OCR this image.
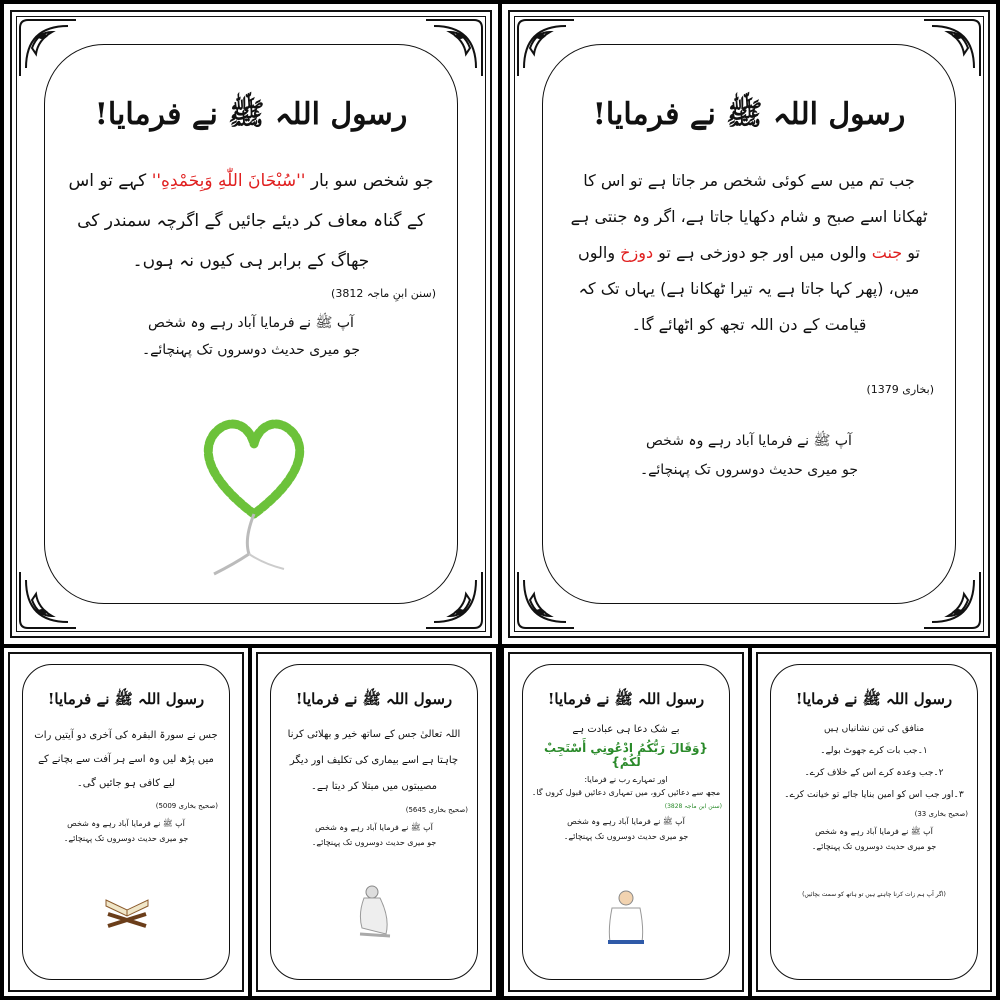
رسول اللہ ﷺ نے فرمایا!

جو شخص سو بار ''سُبْحَانَ اللّٰهِ وَبِحَمْدِهِ'' کہے تو اس کے گناہ معاف کر دیئے جائیں گے اگرچہ سمندر کی جھاگ کے برابر ہی کیوں نہ ہوں۔

(سنن ابنِ ماجہ 3812)

آپ ﷺ نے فرمایا آباد رہے وہ شخص

جو میری حدیث دوسروں تک پہنچائے۔

رسول اللہ ﷺ نے فرمایا!

جب تم میں سے کوئی شخص مر جاتا ہے تو اس کا ٹھکانا اسے صبح و شام دکھایا جاتا ہے، اگر وہ جنتی ہے تو جنت والوں میں اور جو دوزخی ہے تو دوزخ والوں میں، (پھر کہا جاتا ہے یہ تیرا ٹھکانا ہے) یہاں تک کہ قیامت کے دن اللہ تجھ کو اٹھائے گا۔

(بخاری 1379)

آپ ﷺ نے فرمایا آباد رہے وہ شخص

جو میری حدیث دوسروں تک پہنچائے۔

رسول اللہ ﷺ نے فرمایا!

جس نے سورۃ البقرہ کی آخری دو آیتیں رات میں پڑھ لیں وہ اسے ہر آفت سے بچانے کے لیے کافی ہو جائیں گی۔

(صحیح بخاری 5009)

آپ ﷺ نے فرمایا آباد رہے وہ شخص

جو میری حدیث دوسروں تک پہنچائے۔

رسول اللہ ﷺ نے فرمایا!

اللہ تعالیٰ جس کے ساتھ خیر و بھلائی کرنا چاہتا ہے اسے بیماری کی تکلیف اور دیگر مصیبتوں میں مبتلا کر دیتا ہے۔

(صحیح بخاری 5645)

آپ ﷺ نے فرمایا آباد رہے وہ شخص

جو میری حدیث دوسروں تک پہنچائے۔

رسول اللہ ﷺ نے فرمایا!

بے شک دعا ہی عبادت ہے

{وَقَالَ رَبُّكُمُ ادْعُونِي أَسْتَجِبْ لَكُمْ}

اور تمہارے رب نے فرمایا:

مجھ سے دعائیں کرو، میں تمہاری دعائیں قبول کروں گا۔

(سنن ابن ماجہ 3828)

آپ ﷺ نے فرمایا آباد رہے وہ شخص

جو میری حدیث دوسروں تک پہنچائے۔

رسول اللہ ﷺ نے فرمایا!

منافق کی تین نشانیاں ہیں

۱۔جب بات کرے جھوٹ بولے۔

۲۔جب وعدہ کرے اس کے خلاف کرے۔

۳۔اور جب اس کو امین بنایا جائے تو خیانت کرے۔

(صحیح بخاری 33)

آپ ﷺ نے فرمایا آباد رہے وہ شخص

جو میری حدیث دوسروں تک پہنچائے۔

(اگر آپ ہم زات کرنا چاہتے ہیں تو ہاتھ کو سمت بچائیں)
